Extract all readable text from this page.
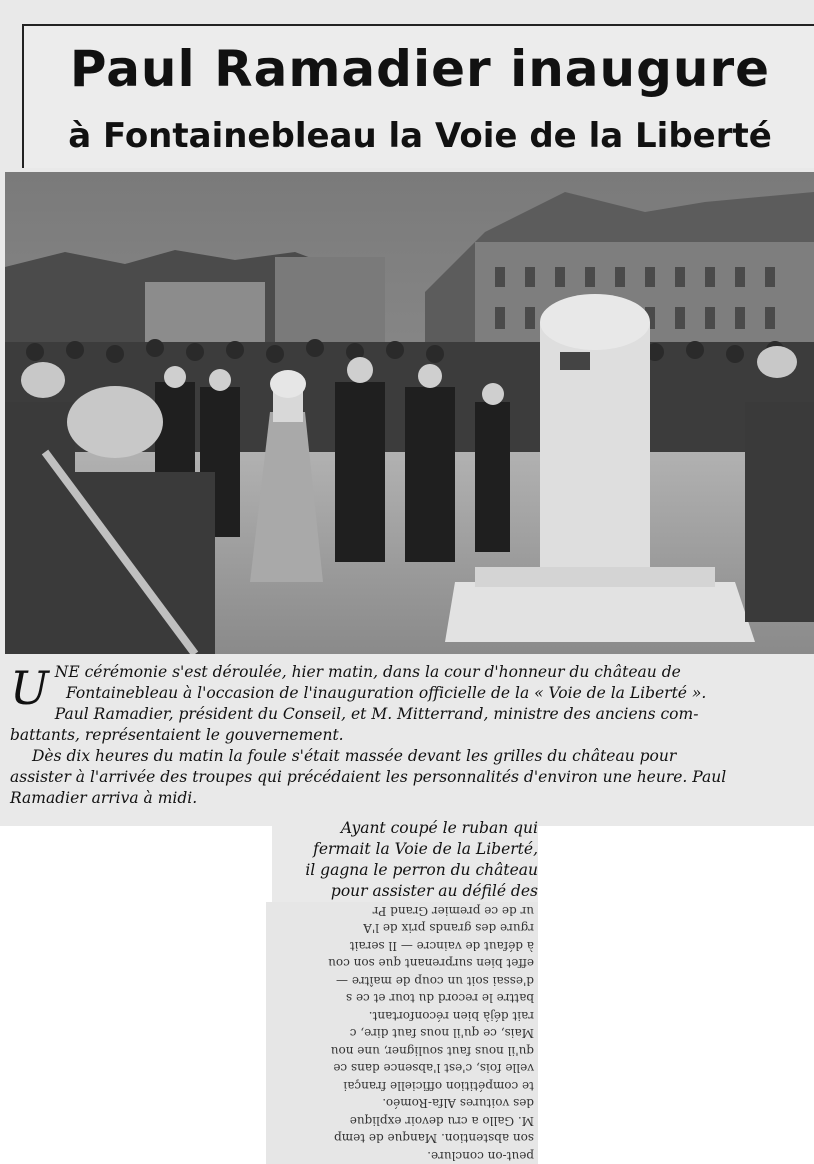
Paul Ramadier inaugure
à Fontainebleau la Voie de la Liberté
U NE cérémonie s'est déroulée, hier matin, dans la cour d'honneur du château de

Fontainebleau à l'occasion de l'inauguration officielle de la « Voie de la Liberté ».

Paul Ramadier, président du Conseil, et M. Mitterrand, ministre des anciens com-

battants, représentaient le gouvernement.

Dès dix heures du matin la foule s'était massée devant les grilles du château pour

assister à l'arrivée des troupes qui précédaient les personnalités d'environ une heure. Paul

Ramadier arriva à midi.

Ayant coupé le ruban qui
fermait la Voie de la Liberté,
il gagna le perron du château
pour assister au défilé des
peut-on conclure.
son abstention. Manque de temp
M. Gallo a cru devoir explique
des voitures Alfa-Roméo.
te compétition officielle françai
velle fois, c'est l'absence dans ce
qu'il nous faut souligner, une nou
Mais, ce qu'il nous faut dire, c
rait déjà bien réconfortant.
battre le record du tour et ce s
d'essai soit un coup de maître —
effet bien surprenant que son cou
à défaut de vaincre — Il serait
rgure des grands prix de l'A
ur de ce premier Grand Pr
